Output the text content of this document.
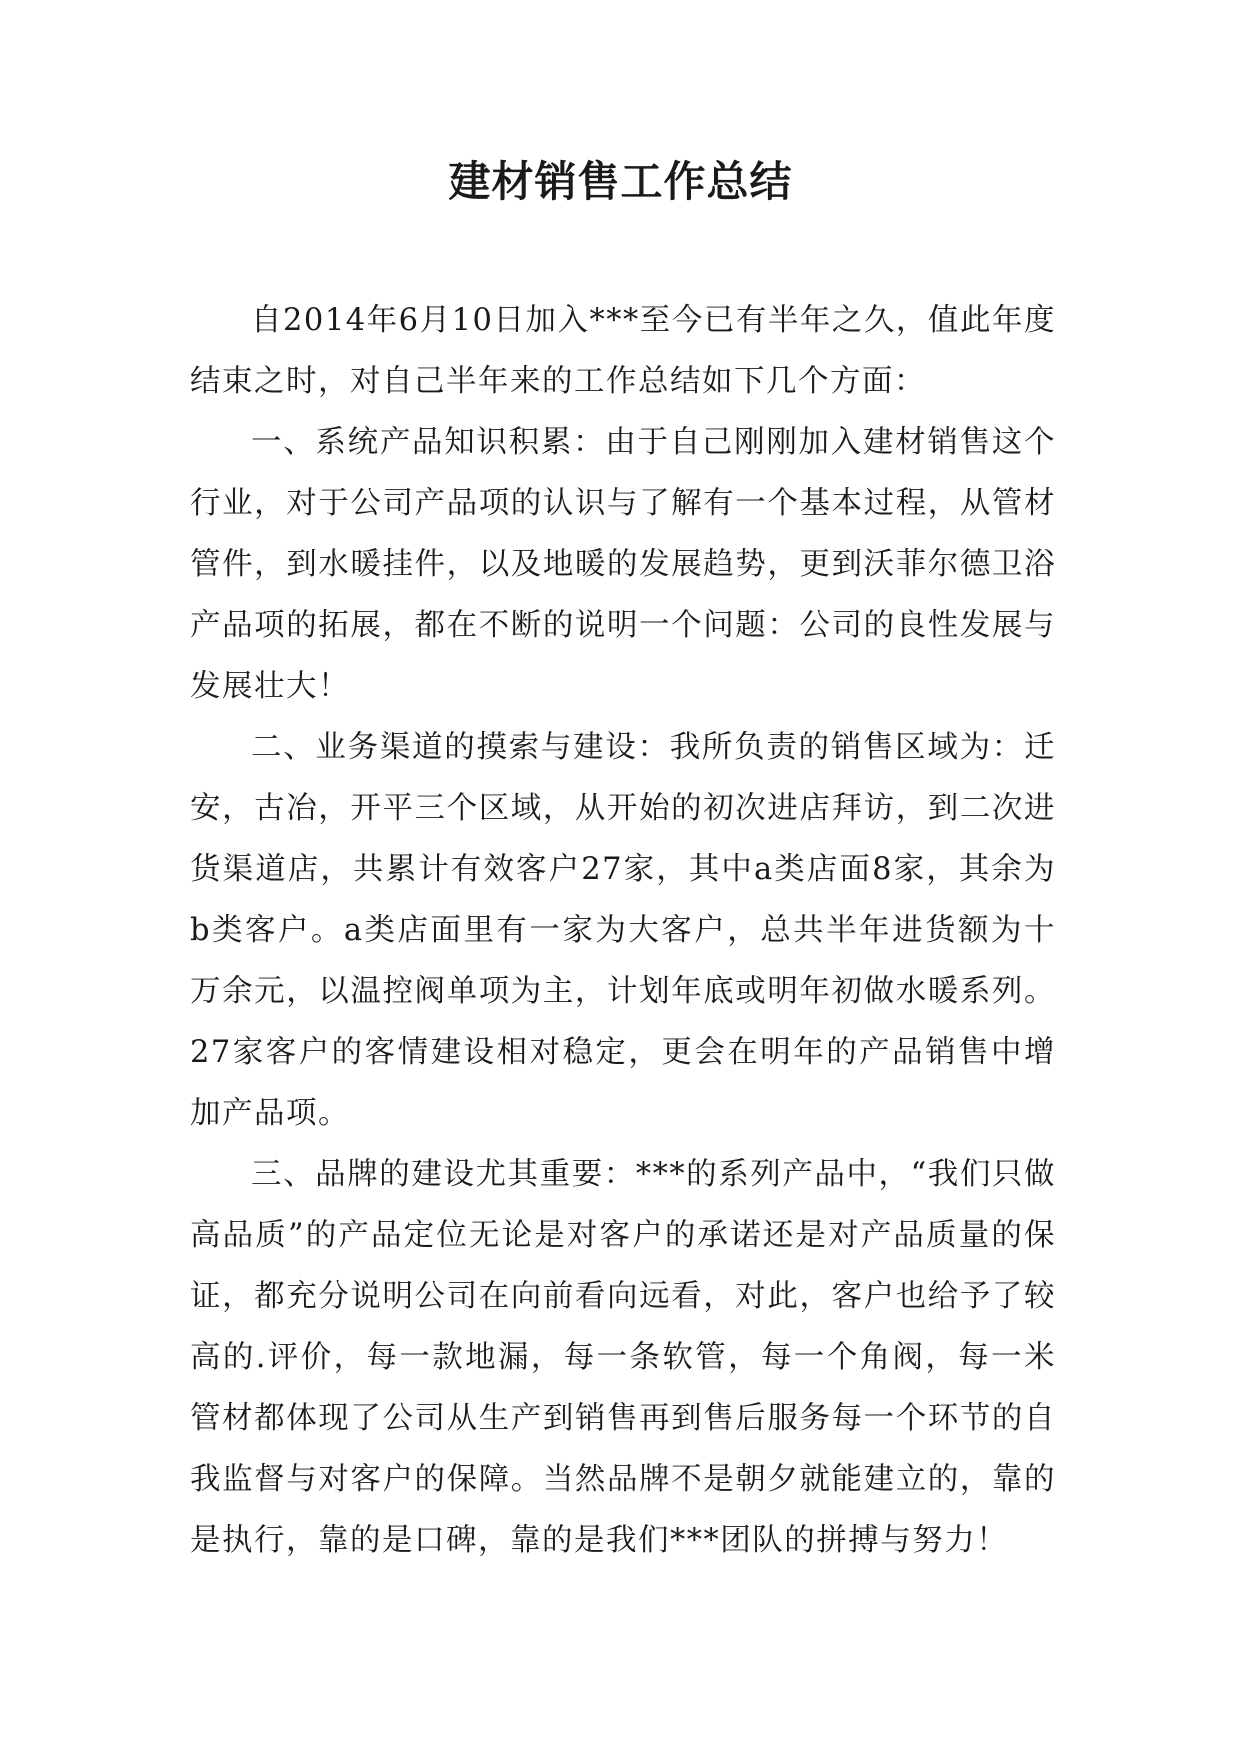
建材销售工作总结

自2014年6月10日加入***至今已有半年之久，值此年度结束之时，对自己半年来的工作总结如下几个方面：

一、系统产品知识积累：由于自己刚刚加入建材销售这个行业，对于公司产品项的认识与了解有一个基本过程，从管材管件，到水暖挂件，以及地暖的发展趋势，更到沃菲尔德卫浴产品项的拓展，都在不断的说明一个问题：公司的良性发展与发展壮大！

二、业务渠道的摸索与建设：我所负责的销售区域为：迁安，古冶，开平三个区域，从开始的初次进店拜访，到二次进货渠道店，共累计有效客户27家，其中a类店面8家，其余为b类客户。a类店面里有一家为大客户，总共半年进货额为十万余元，以温控阀单项为主，计划年底或明年初做水暖系列。27家客户的客情建设相对稳定，更会在明年的产品销售中增加产品项。

三、品牌的建设尤其重要：***的系列产品中，“我们只做高品质”的产品定位无论是对客户的承诺还是对产品质量的保证，都充分说明公司在向前看向远看，对此，客户也给予了较高的.评价，每一款地漏，每一条软管，每一个角阀，每一米管材都体现了公司从生产到销售再到售后服务每一个环节的自我监督与对客户的保障。当然品牌不是朝夕就能建立的，靠的是执行，靠的是口碑，靠的是我们***团队的拼搏与努力！
